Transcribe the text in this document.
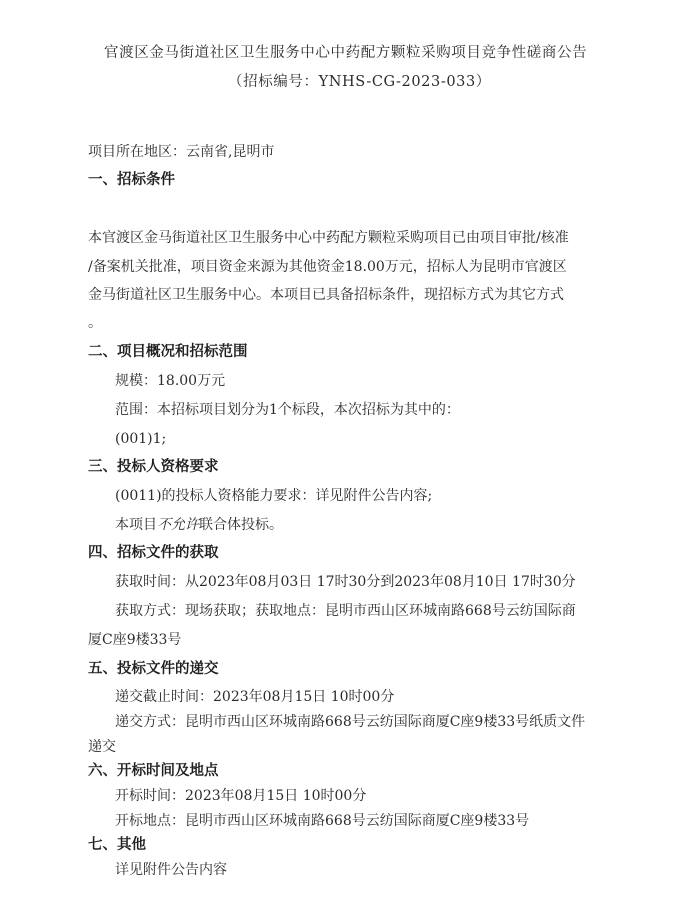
官渡区金马街道社区卫生服务中心中药配方颗粒采购项目竞争性磋商公告
（招标编号：YNHS-CG-2023-033）
项目所在地区：云南省,昆明市
一、招标条件
本官渡区金马街道社区卫生服务中心中药配方颗粒采购项目已由项目审批/核准
/备案机关批准，项目资金来源为其他资金18.00万元，招标人为昆明市官渡区
金马街道社区卫生服务中心。本项目已具备招标条件，现招标方式为其它方式
。
二、项目概况和招标范围
规模：18.00万元
范围：本招标项目划分为1个标段，本次招标为其中的：
(001)1;
三、投标人资格要求
(0011)的投标人资格能力要求：详见附件公告内容;
本项目不允许联合体投标。
四、招标文件的获取
获取时间：从2023年08月03日 17时30分到2023年08月10日 17时30分
获取方式：现场获取；获取地点：昆明市西山区环城南路668号云纺国际商
厦C座9楼33号
五、投标文件的递交
递交截止时间：2023年08月15日 10时00分
递交方式：昆明市西山区环城南路668号云纺国际商厦C座9楼33号纸质文件
递交
六、开标时间及地点
开标时间：2023年08月15日 10时00分
开标地点：昆明市西山区环城南路668号云纺国际商厦C座9楼33号
七、其他
详见附件公告内容
